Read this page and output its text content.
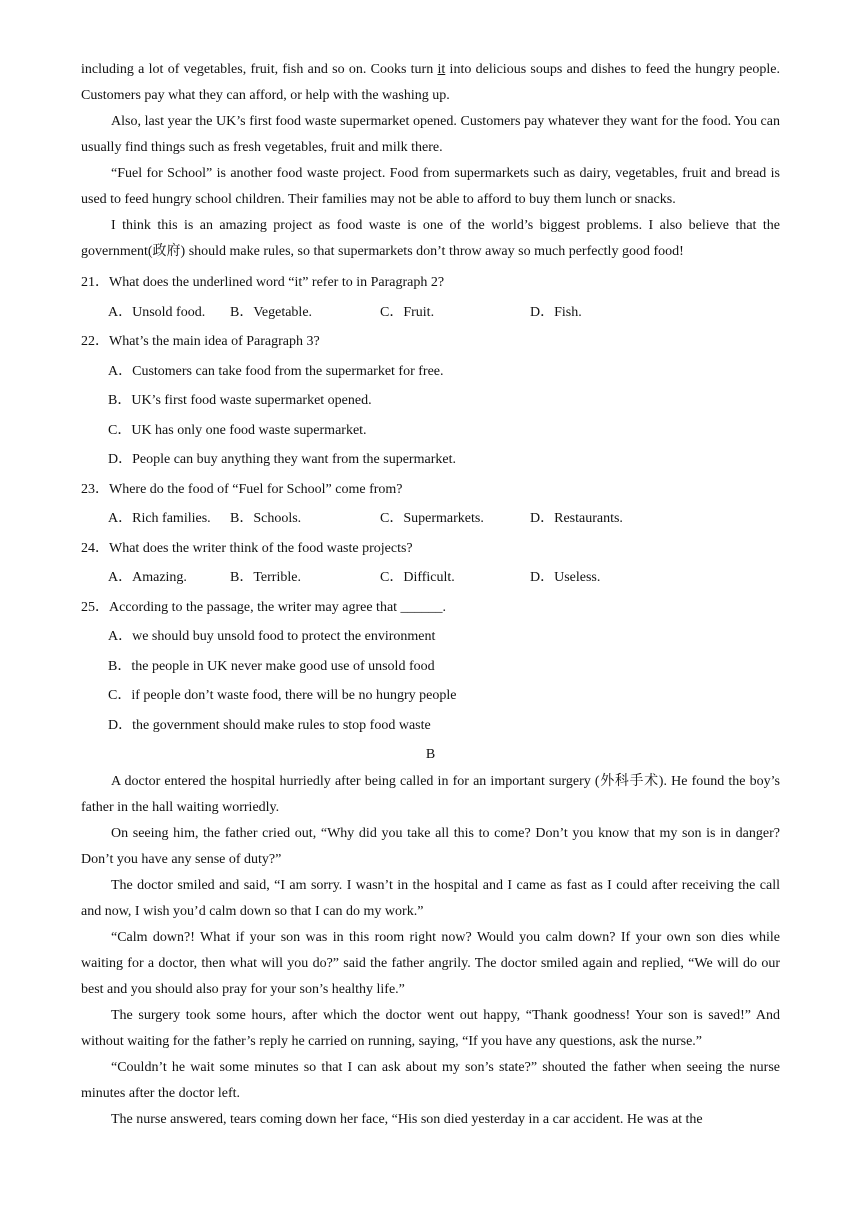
including a lot of vegetables, fruit, fish and so on. Cooks turn it into delicious soups and dishes to feed the hungry people. Customers pay what they can afford, or help with the washing up.

Also, last year the UK’s first food waste supermarket opened. Customers pay whatever they want for the food. You can usually find things such as fresh vegetables, fruit and milk there.

“Fuel for School” is another food waste project. Food from supermarkets such as dairy, vegetables, fruit and bread is used to feed hungry school children. Their families may not be able to afford to buy them lunch or snacks.

I think this is an amazing project as food waste is one of the world’s biggest problems. I also believe that the government(政府) should make rules, so that supermarkets don’t throw away so much perfectly good food!

21．What does the underlined word “it” refer to in Paragraph 2?

A．Unsold food. B．Vegetable.	C．Fruit.	D．Fish.

22．What’s the main idea of Paragraph 3?

A．Customers can take food from the supermarket for free.

B．UK’s first food waste supermarket opened.

C．UK has only one food waste supermarket.

D．People can buy anything they want from the supermarket.

23．Where do the food of “Fuel for School” come from?

A．Rich families. B．Schools.	C．Supermarkets.	D．Restaurants.

24．What does the writer think of the food waste projects?

A．Amazing.	B．Terrible.	C．Difficult.	D．Useless.

25．According to the passage, the writer may agree that ______.

A．we should buy unsold food to protect the environment

B．the people in UK never make good use of unsold food

C．if people don’t waste food, there will be no hungry people

D．the government should make rules to stop food waste

B

A doctor entered the hospital hurriedly after being called in for an important surgery (外科手术). He found the boy’s father in the hall waiting worriedly.

On seeing him, the father cried out, “Why did you take all this to come? Don’t you know that my son is in danger? Don’t you have any sense of duty?”

The doctor smiled and said, “I am sorry. I wasn’t in the hospital and I came as fast as I could after receiving the call and now, I wish you’d calm down so that I can do my work.”

“Calm down?! What if your son was in this room right now? Would you calm down? If your own son dies while waiting for a doctor, then what will you do?” said the father angrily. The doctor smiled again and replied, “We will do our best and you should also pray for your son’s healthy life.”

The surgery took some hours, after which the doctor went out happy, “Thank goodness! Your son is saved!” And without waiting for the father’s reply he carried on running, saying, “If you have any questions, ask the nurse.”

“Couldn’t he wait some minutes so that I can ask about my son’s state?” shouted the father when seeing the nurse minutes after the doctor left.

The nurse answered, tears coming down her face, “His son died yesterday in a car accident. He was at the
